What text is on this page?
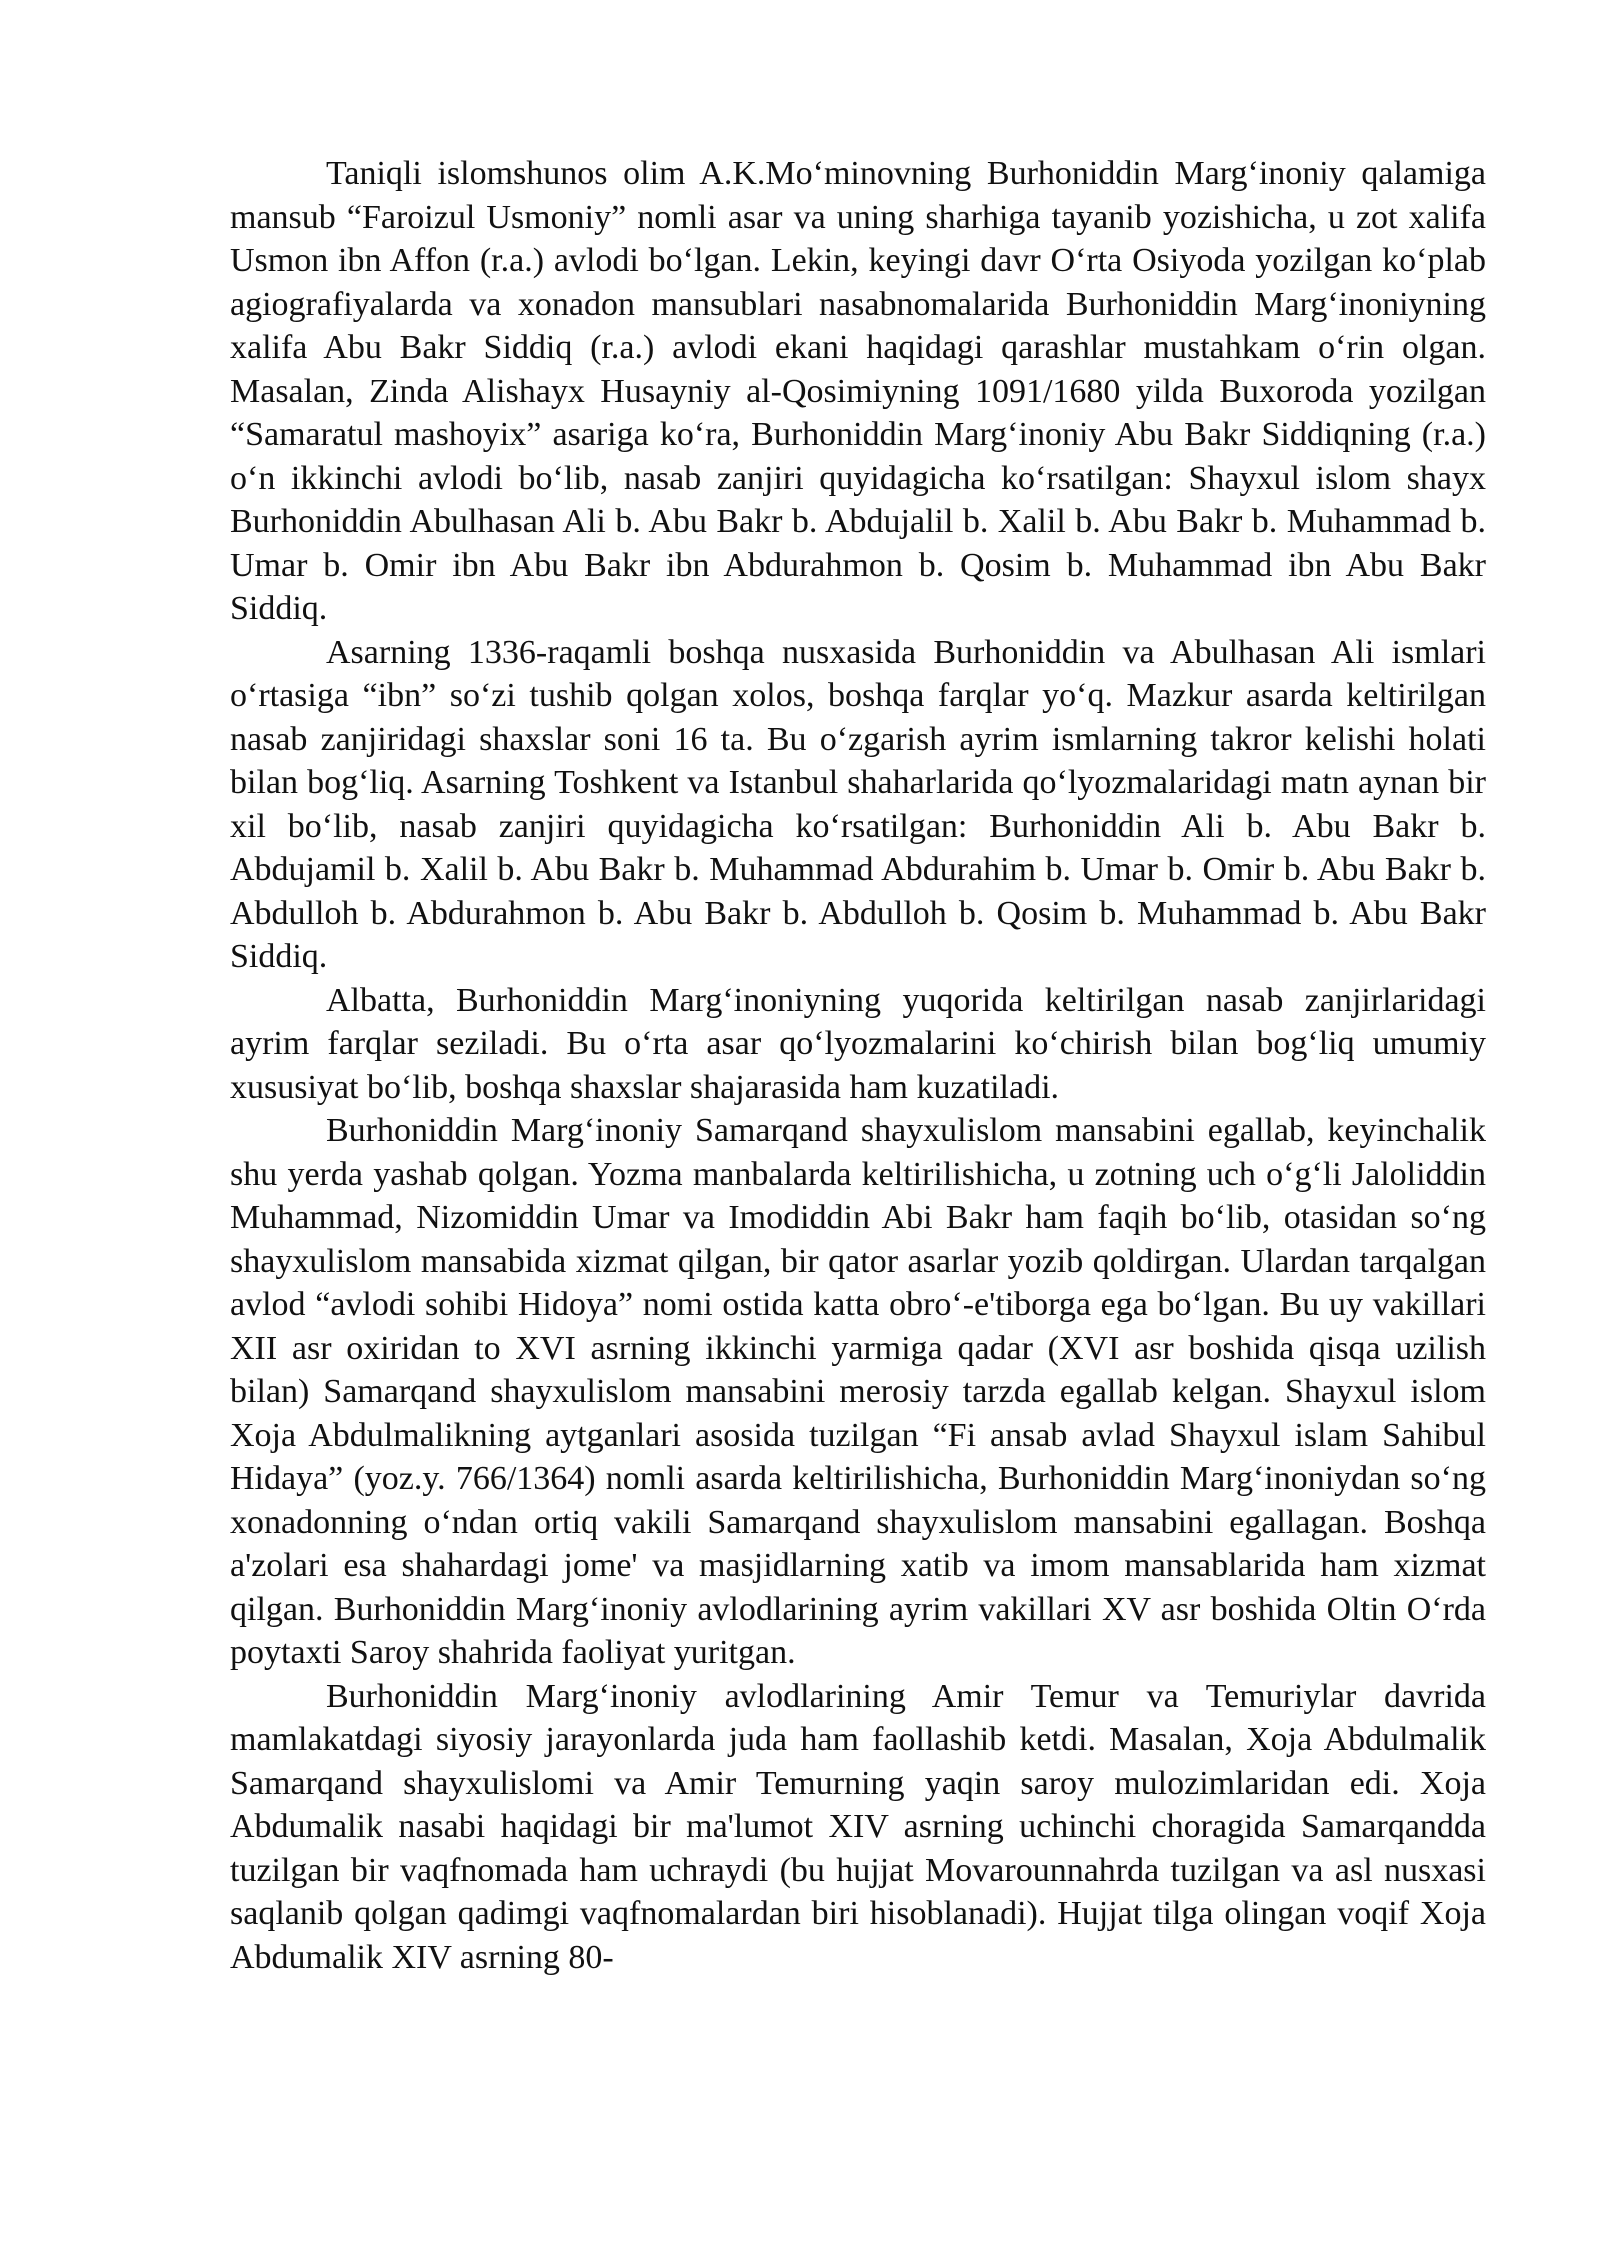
Taniqli islomshunos olim A.K.Mo‘minovning Burhoniddin Marg‘inoniy qalamiga mansub “Faroizul Usmoniy” nomli asar va uning sharhiga tayanib yozishicha, u zot xalifa Usmon ibn Affon (r.a.) avlodi bo‘lgan. Lekin, keyingi davr O‘rta Osiyoda yozilgan ko‘plab agiografiyalarda va xonadon mansublari nasabnomalarida Burhoniddin Marg‘inoniyning xalifa Abu Bakr Siddiq (r.a.) avlodi ekani haqidagi qarashlar mustahkam o‘rin olgan. Masalan, Zinda Alishayx Husayniy al-Qosimiyning 1091/1680 yilda Buxoroda yozilgan “Samaratul mashoyix” asariga ko‘ra, Burhoniddin Marg‘inoniy Abu Bakr Siddiqning (r.a.) o‘n ikkinchi avlodi bo‘lib, nasab zanjiri quyidagicha ko‘rsatilgan: Shayxul islom shayx Burhoniddin Abulhasan Ali b. Abu Bakr b. Abdujalil b. Xalil b. Abu Bakr b. Muhammad b. Umar b. Omir ibn Abu Bakr ibn Abdurahmon b. Qosim b. Muhammad ibn Abu Bakr Siddiq.

Asarning 1336-raqamli boshqa nusxasida Burhoniddin va Abulhasan Ali ismlari o‘rtasiga “ibn” so‘zi tushib qolgan xolos, boshqa farqlar yo‘q. Mazkur asarda keltirilgan nasab zanjiridagi shaxslar soni 16 ta. Bu o‘zgarish ayrim ismlarning takror kelishi holati bilan bog‘liq. Asarning Toshkent va Istanbul shaharlarida qo‘lyozmalaridagi matn aynan bir xil bo‘lib, nasab zanjiri quyidagicha ko‘rsatilgan: Burhoniddin Ali b. Abu Bakr b. Abdujamil b. Xalil b. Abu Bakr b. Muhammad Abdurahim b. Umar b. Omir b. Abu Bakr b. Abdulloh b. Abdurahmon b. Abu Bakr b. Abdulloh b. Qosim b. Muhammad b. Abu Bakr Siddiq.

Albatta, Burhoniddin Marg‘inoniyning yuqorida keltirilgan nasab zanjirlaridagi ayrim farqlar seziladi. Bu o‘rta asar qo‘lyozmalarini ko‘chirish bilan bog‘liq umumiy xususiyat bo‘lib, boshqa shaxslar shajarasida ham kuzatiladi.

Burhoniddin Marg‘inoniy Samarqand shayxulislom mansabini egallab, keyinchalik shu yerda yashab qolgan. Yozma manbalarda keltirilishicha, u zotning uch o‘g‘li Jaloliddin Muhammad, Nizomiddin Umar va Imodiddin Abi Bakr ham faqih bo‘lib, otasidan so‘ng shayxulislom mansabida xizmat qilgan, bir qator asarlar yozib qoldirgan. Ulardan tarqalgan avlod “avlodi sohibi Hidoya” nomi ostida katta obro‘-e'tiborga ega bo‘lgan. Bu uy vakillari XII asr oxiridan to XVI asrning ikkinchi yarmiga qadar (XVI asr boshida qisqa uzilish bilan) Samarqand shayxulislom mansabini merosiy tarzda egallab kelgan. Shayxul islom Xoja Abdulmalikning aytganlari asosida tuzilgan “Fi ansab avlad Shayxul islam Sahibul Hidaya” (yoz.y. 766/1364) nomli asarda keltirilishicha, Burhoniddin Marg‘inoniydan so‘ng xonadonning o‘ndan ortiq vakili Samarqand shayxulislom mansabini egallagan. Boshqa a'zolari esa shahardagi jome' va masjidlarning xatib va imom mansablarida ham xizmat qilgan. Burhoniddin Marg‘inoniy avlodlarining ayrim vakillari XV asr boshida Oltin O‘rda poytaxti Saroy shahrida faoliyat yuritgan.

Burhoniddin Marg‘inoniy avlodlarining Amir Temur va Temuriylar davrida mamlakatdagi siyosiy jarayonlarda juda ham faollashib ketdi. Masalan, Xoja Abdulmalik Samarqand shayxulislomi va Amir Temurning yaqin saroy mulozimlaridan edi. Xoja Abdumalik nasabi haqidagi bir ma'lumot XIV asrning uchinchi choragida Samarqandda tuzilgan bir vaqfnomada ham uchraydi (bu hujjat Movarounnahrda tuzilgan va asl nusxasi saqlanib qolgan qadimgi vaqfnomalardan biri hisoblanadi). Hujjat tilga olingan voqif Xoja Abdumalik XIV asrning 80-
